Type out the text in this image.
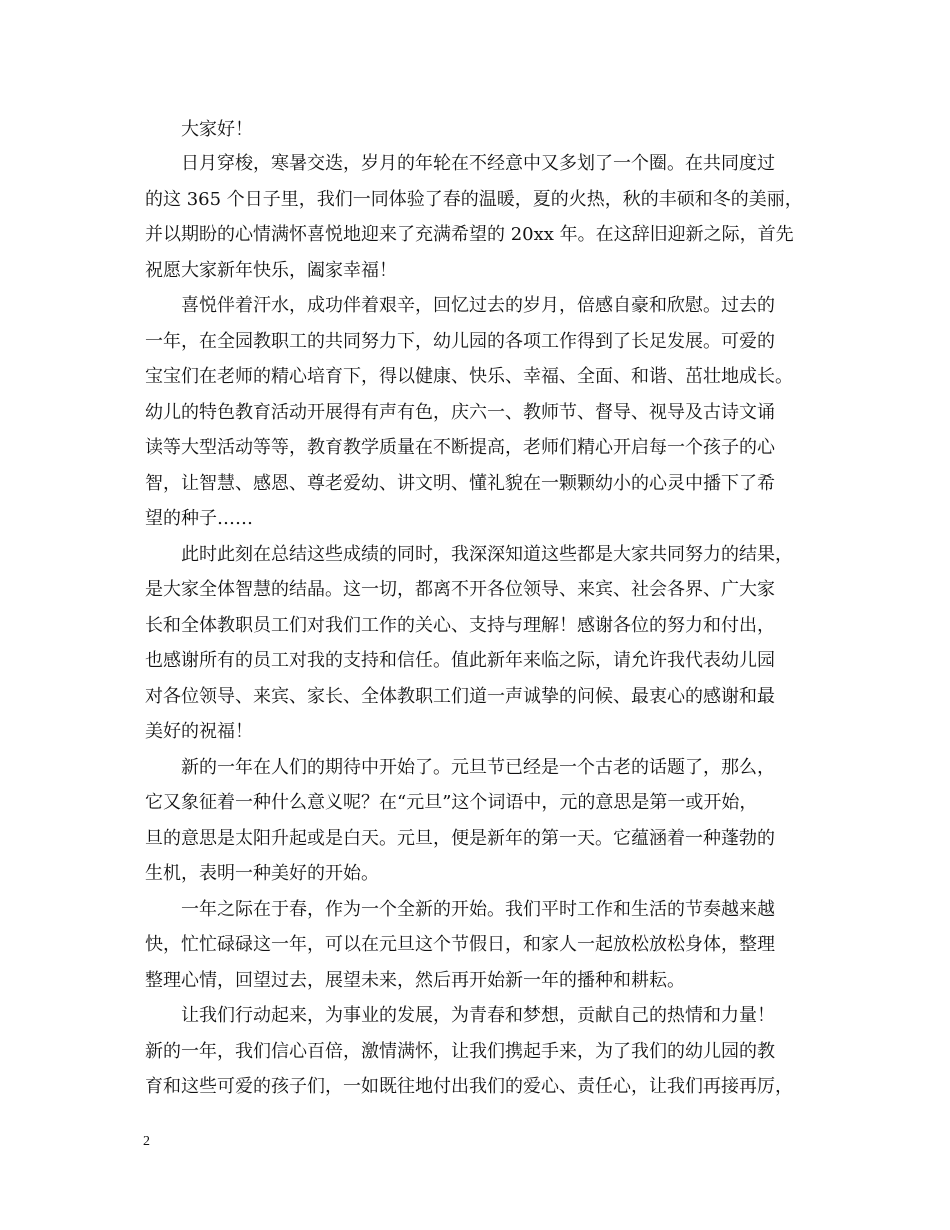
　　大家好！
　　日月穿梭，寒暑交迭，岁月的年轮在不经意中又多划了一个圈。在共同度过
的这 365 个日子里，我们一同体验了春的温暖，夏的火热，秋的丰硕和冬的美丽，
并以期盼的心情满怀喜悦地迎来了充满希望的 20xx 年。在这辞旧迎新之际，首先
祝愿大家新年快乐，阖家幸福！
　　喜悦伴着汗水，成功伴着艰辛，回忆过去的岁月，倍感自豪和欣慰。过去的
一年，在全园教职工的共同努力下，幼儿园的各项工作得到了长足发展。可爱的
宝宝们在老师的精心培育下，得以健康、快乐、幸福、全面、和谐、茁壮地成长。
幼儿的特色教育活动开展得有声有色，庆六一、教师节、督导、视导及古诗文诵
读等大型活动等等，教育教学质量在不断提高，老师们精心开启每一个孩子的心
智，让智慧、感恩、尊老爱幼、讲文明、懂礼貌在一颗颗幼小的心灵中播下了希
望的种子……
　　此时此刻在总结这些成绩的同时，我深深知道这些都是大家共同努力的结果，
是大家全体智慧的结晶。这一切，都离不开各位领导、来宾、社会各界、广大家
长和全体教职员工们对我们工作的关心、支持与理解！感谢各位的努力和付出，
也感谢所有的员工对我的支持和信任。值此新年来临之际，请允许我代表幼儿园
对各位领导、来宾、家长、全体教职工们道一声诚挚的问候、最衷心的感谢和最
美好的祝福！
　　新的一年在人们的期待中开始了。元旦节已经是一个古老的话题了，那么，
它又象征着一种什么意义呢？在“元旦”这个词语中，元的意思是第一或开始，
旦的意思是太阳升起或是白天。元旦，便是新年的第一天。它蕴涵着一种蓬勃的
生机，表明一种美好的开始。
　　一年之际在于春，作为一个全新的开始。我们平时工作和生活的节奏越来越
快，忙忙碌碌这一年，可以在元旦这个节假日，和家人一起放松放松身体，整理
整理心情，回望过去，展望未来，然后再开始新一年的播种和耕耘。
　　让我们行动起来，为事业的发展，为青春和梦想，贡献自己的热情和力量！
新的一年，我们信心百倍，激情满怀，让我们携起手来，为了我们的幼儿园的教
育和这些可爱的孩子们，一如既往地付出我们的爱心、责任心，让我们再接再厉，
2
